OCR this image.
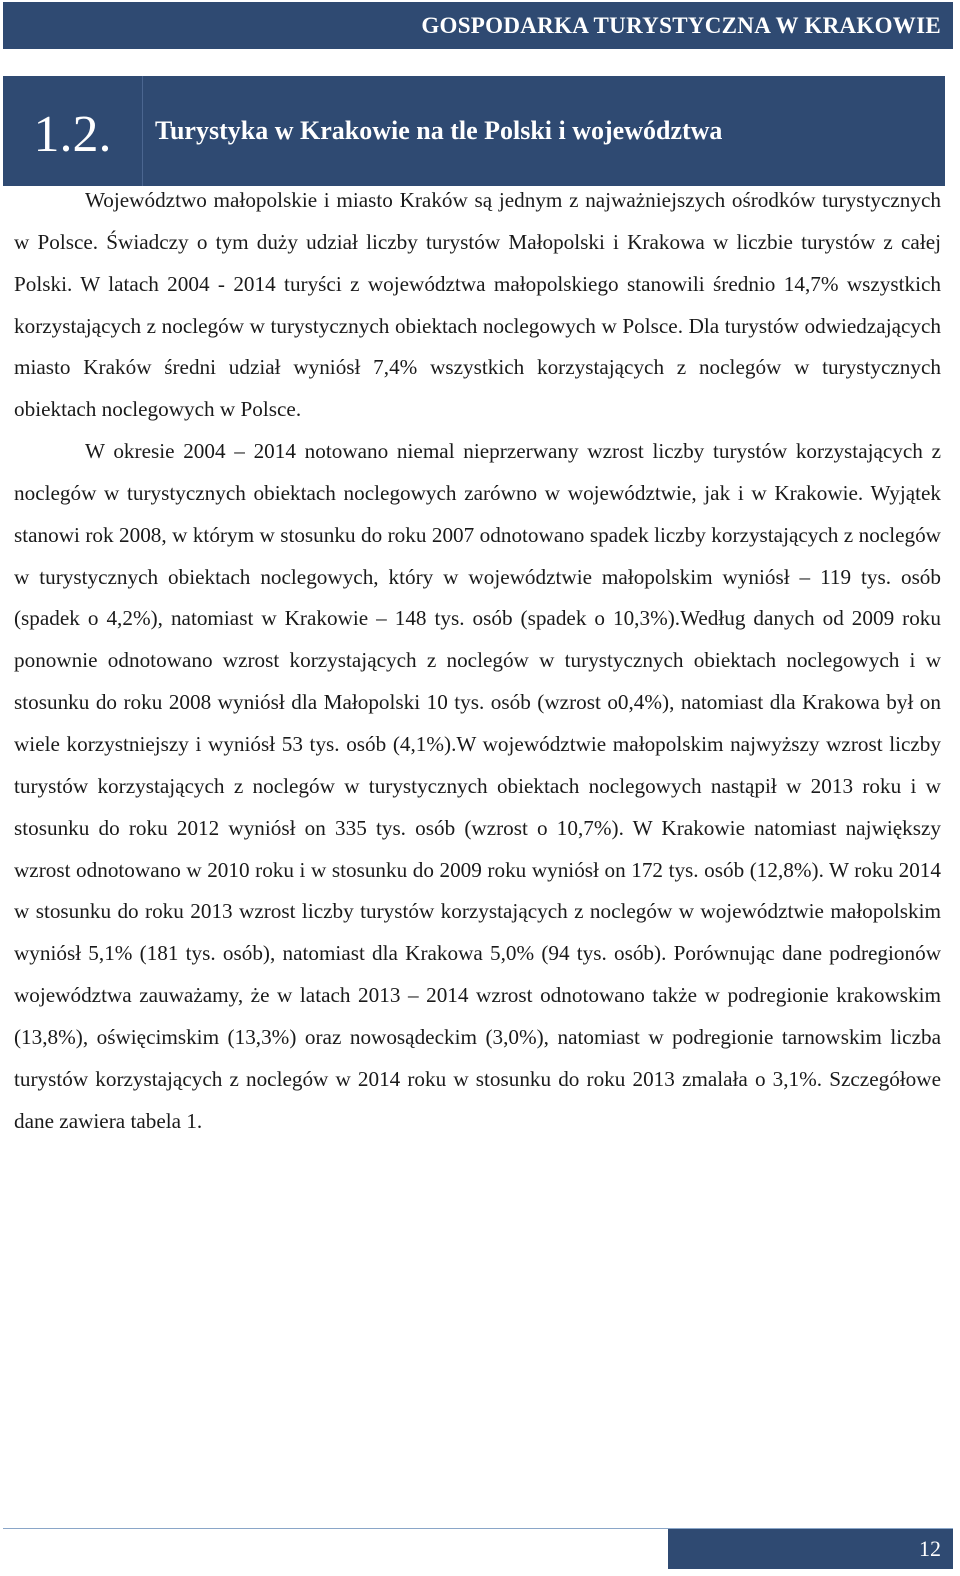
GOSPODARKA TURYSTYCZNA W KRAKOWIE
1.2.	Turystyka w Krakowie na tle Polski i województwa

Województwo małopolskie i miasto Kraków są jednym z najważniejszych ośrodków turystycznych w Polsce. Świadczy o tym duży udział liczby turystów Małopolski i Krakowa w liczbie turystów z całej Polski. W latach 2004 - 2014 turyści z województwa małopolskiego stanowili średnio 14,7% wszystkich korzystających z noclegów w turystycznych obiektach noclegowych w Polsce. Dla turystów odwiedzających miasto Kraków średni udział wyniósł 7,4% wszystkich korzystających z noclegów w turystycznych obiektach noclegowych w Polsce.

W okresie 2004 – 2014 notowano niemal nieprzerwany wzrost liczby turystów korzystających z noclegów w turystycznych obiektach noclegowych zarówno w województwie, jak i w Krakowie. Wyjątek stanowi rok 2008, w którym w stosunku do roku 2007 odnotowano spadek liczby korzystających z noclegów w turystycznych obiektach noclegowych, który w województwie małopolskim wyniósł – 119 tys. osób (spadek o 4,2%), natomiast w Krakowie – 148 tys. osób (spadek o 10,3%).Według danych od 2009 roku ponownie odnotowano wzrost korzystających z noclegów w turystycznych obiektach noclegowych i w stosunku do roku 2008 wyniósł dla Małopolski 10 tys. osób (wzrost o0,4%), natomiast dla Krakowa był on wiele korzystniejszy i wyniósł 53 tys. osób (4,1%).W województwie małopolskim najwyższy wzrost liczby turystów korzystających z noclegów w turystycznych obiektach noclegowych nastąpił w 2013 roku i w stosunku do roku 2012 wyniósł on 335 tys. osób (wzrost o 10,7%). W Krakowie natomiast największy wzrost odnotowano w 2010 roku i w stosunku do 2009 roku wyniósł on 172 tys. osób (12,8%). W roku 2014 w stosunku do roku 2013 wzrost liczby turystów korzystających z noclegów w województwie małopolskim wyniósł 5,1% (181 tys. osób), natomiast dla Krakowa 5,0% (94 tys. osób). Porównując dane podregionów województwa zauważamy, że w latach 2013 – 2014 wzrost odnotowano także w podregionie krakowskim (13,8%), oświęcimskim (13,3%) oraz nowosądeckim (3,0%), natomiast w podregionie tarnowskim liczba turystów korzystających z noclegów w 2014 roku w stosunku do roku 2013 zmalała o 3,1%. Szczegółowe dane zawiera tabela 1.

12
